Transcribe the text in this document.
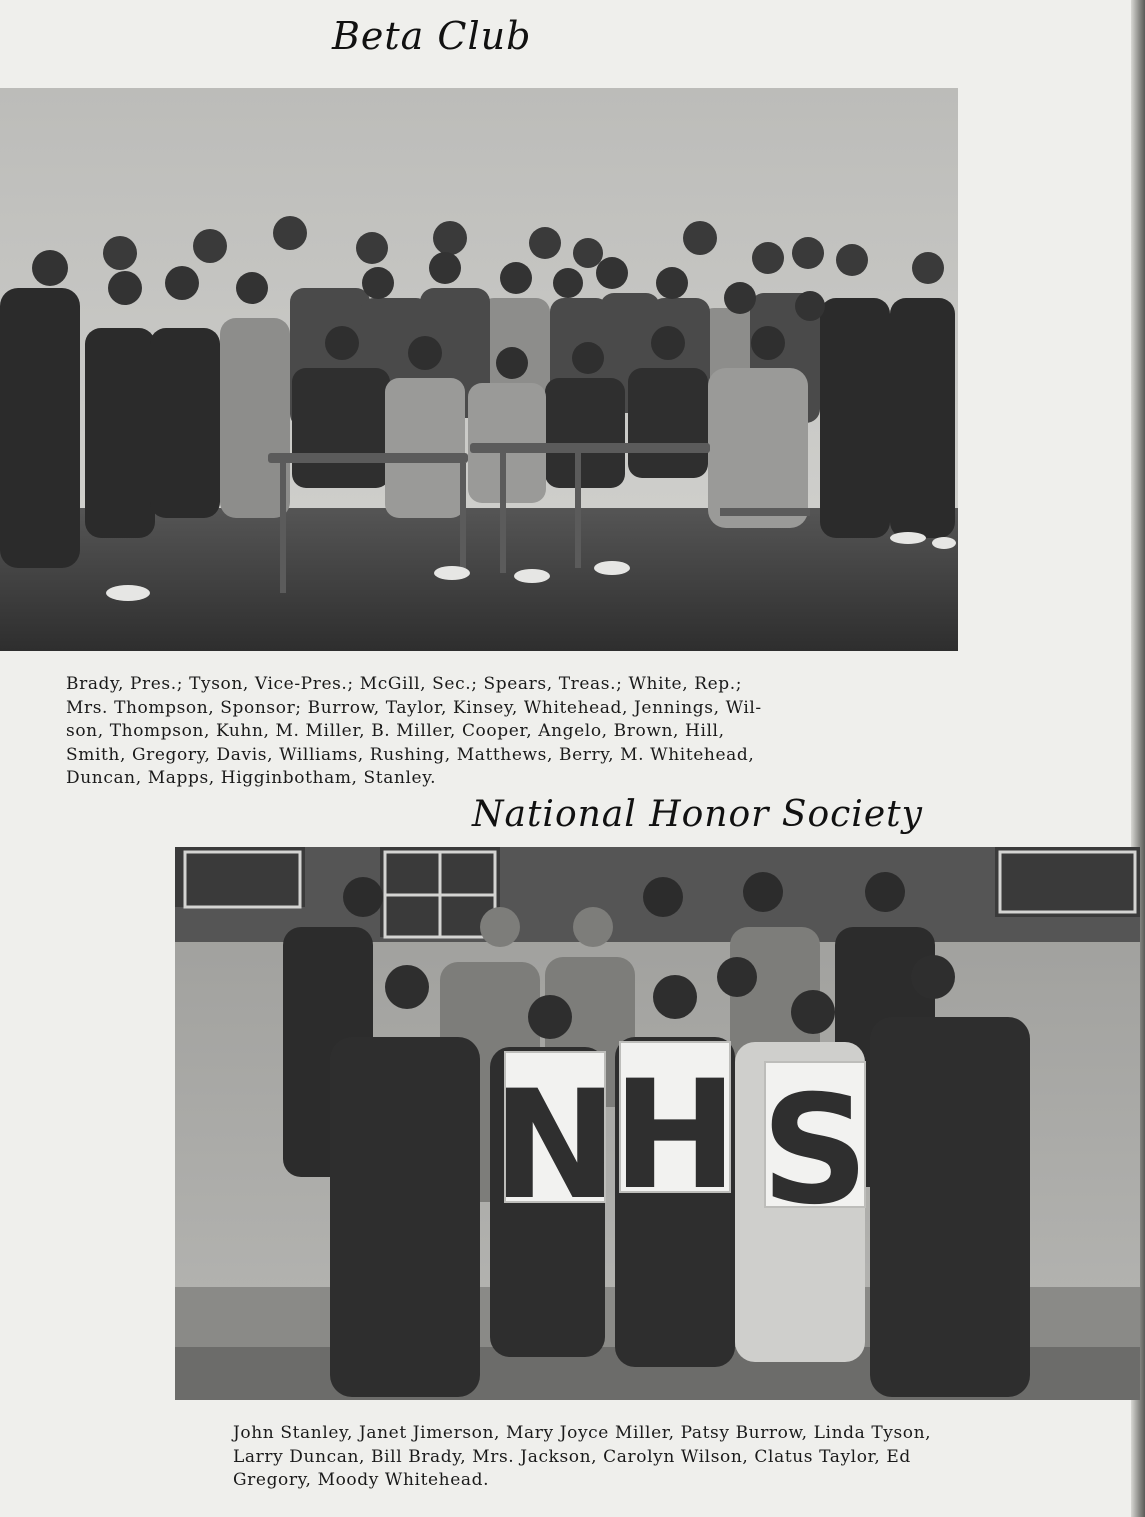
Beta Club

Brady, Pres.; Tyson, Vice-Pres.; McGill, Sec.; Spears, Treas.; White, Rep.;
Mrs. Thompson, Sponsor; Burrow, Taylor, Kinsey, Whitehead, Jennings, Wil-
son, Thompson, Kuhn, M. Miller, B. Miller, Cooper, Angelo, Brown, Hill,
Smith, Gregory, Davis, Williams, Rushing, Matthews, Berry, M. Whitehead,
Duncan, Mapps, Higginbotham, Stanley.

National Honor Society
N
H S

John Stanley, Janet Jimerson, Mary Joyce Miller, Patsy Burrow, Linda Tyson,
Larry Duncan, Bill Brady, Mrs. Jackson, Carolyn Wilson, Clatus Taylor, Ed
Gregory, Moody Whitehead.
